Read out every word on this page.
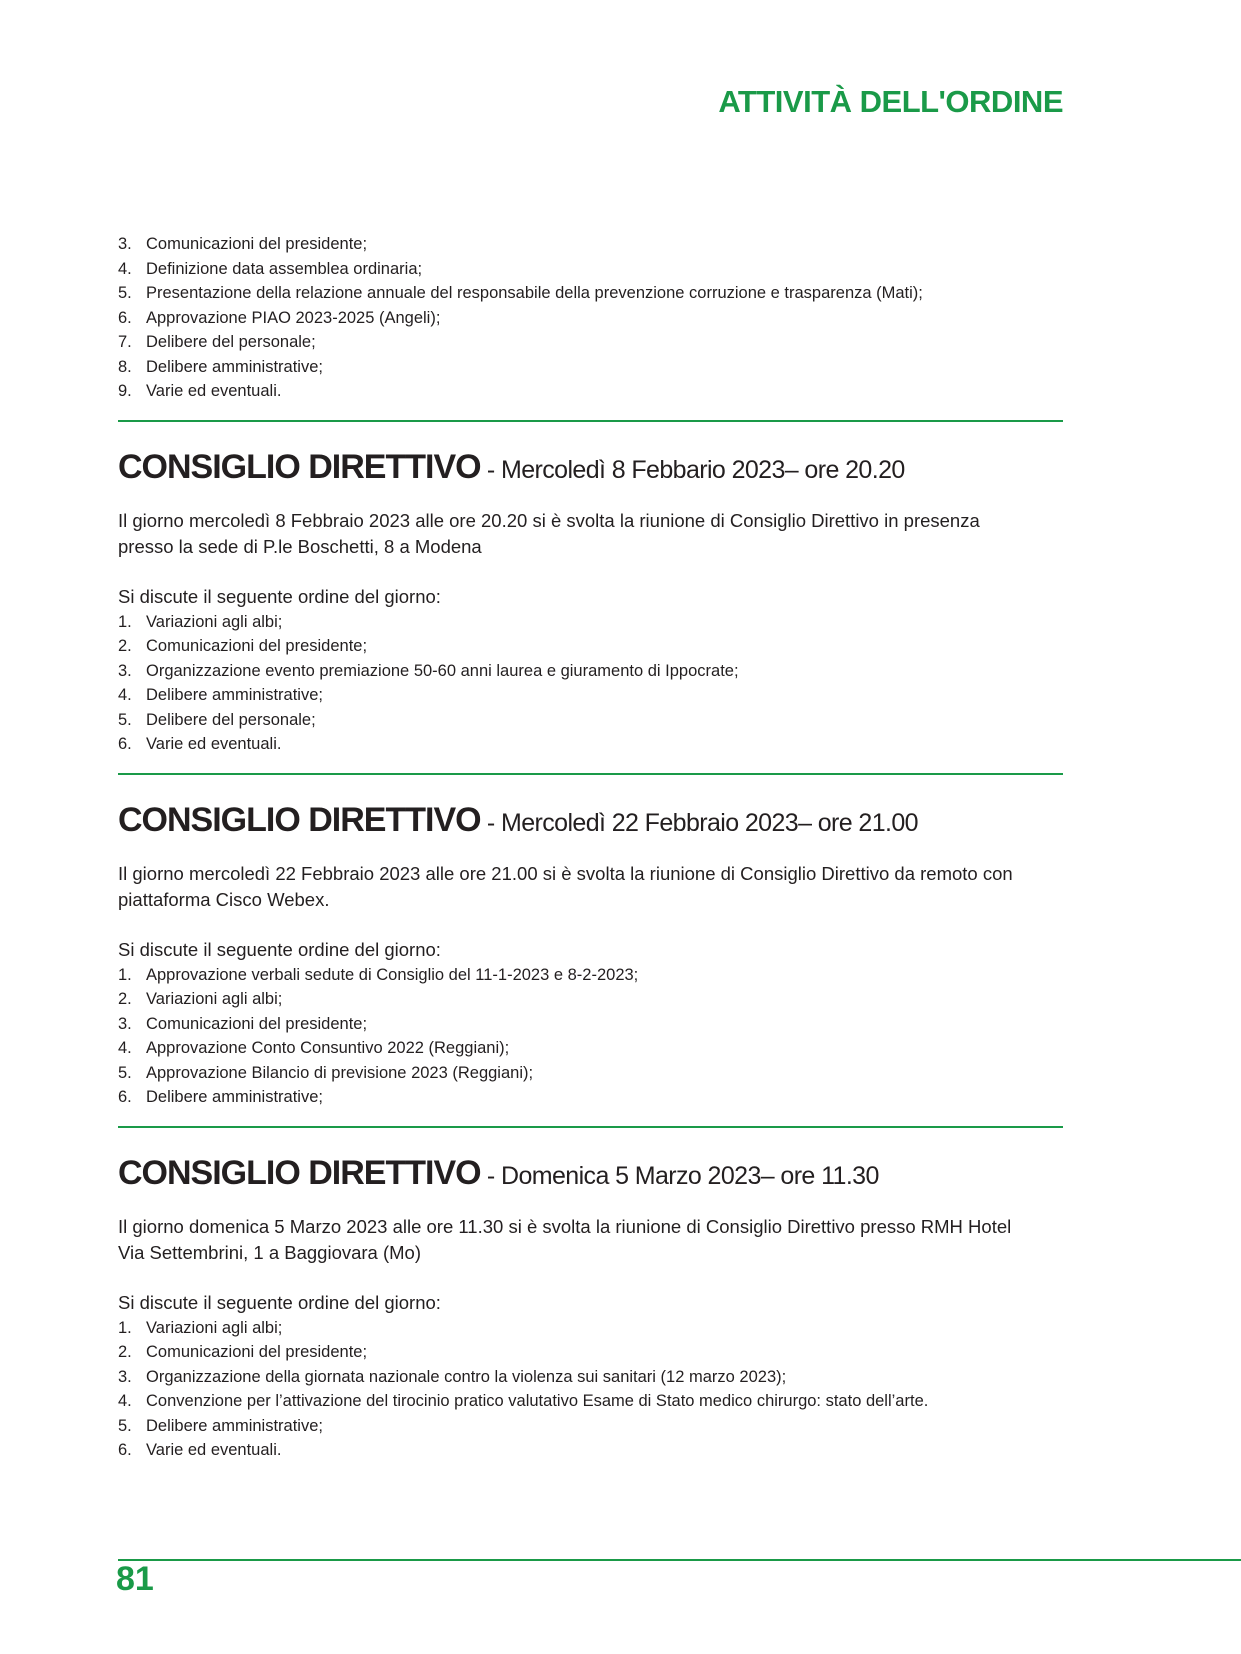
ATTIVITÀ DELL'ORDINE
3. Comunicazioni del presidente;
4. Definizione data assemblea ordinaria;
5. Presentazione della relazione annuale del responsabile della prevenzione corruzione e trasparenza (Mati);
6. Approvazione PIAO 2023-2025 (Angeli);
7. Delibere del personale;
8. Delibere amministrative;
9. Varie ed eventuali.
CONSIGLIO DIRETTIVO - Mercoledì 8 Febbario 2023– ore 20.20

Il giorno mercoledì 8 Febbraio 2023 alle ore 20.20 si è svolta la riunione di Consiglio Direttivo in presenza

presso la sede di P.le Boschetti, 8 a Modena

Si discute il seguente ordine del giorno:

1. Variazioni agli albi;
2. Comunicazioni del presidente;
3. Organizzazione evento premiazione 50-60 anni laurea e giuramento di Ippocrate;
4. Delibere amministrative;
5. Delibere del personale;
6. Varie ed eventuali.
CONSIGLIO DIRETTIVO - Mercoledì 22 Febbraio 2023– ore 21.00

Il giorno mercoledì 22 Febbraio 2023 alle ore 21.00 si è svolta la riunione di Consiglio Direttivo da remoto con

piattaforma Cisco Webex.

Si discute il seguente ordine del giorno:

1. Approvazione verbali sedute di Consiglio del 11-1-2023 e 8-2-2023;
2. Variazioni agli albi;
3. Comunicazioni del presidente;
4. Approvazione Conto Consuntivo 2022 (Reggiani);
5. Approvazione Bilancio di previsione 2023 (Reggiani);
6. Delibere amministrative;
CONSIGLIO DIRETTIVO - Domenica 5 Marzo 2023– ore 11.30

Il giorno domenica 5 Marzo 2023 alle ore 11.30 si è svolta la riunione di Consiglio Direttivo presso RMH Hotel

Via Settembrini, 1 a Baggiovara (Mo)

Si discute il seguente ordine del giorno:

1. Variazioni agli albi;
2. Comunicazioni del presidente;
3. Organizzazione della giornata nazionale contro la violenza sui sanitari (12 marzo 2023);
4. Convenzione per l’attivazione del tirocinio pratico valutativo Esame di Stato medico chirurgo: stato dell’arte.
5. Delibere amministrative;
6. Varie ed eventuali.
81
